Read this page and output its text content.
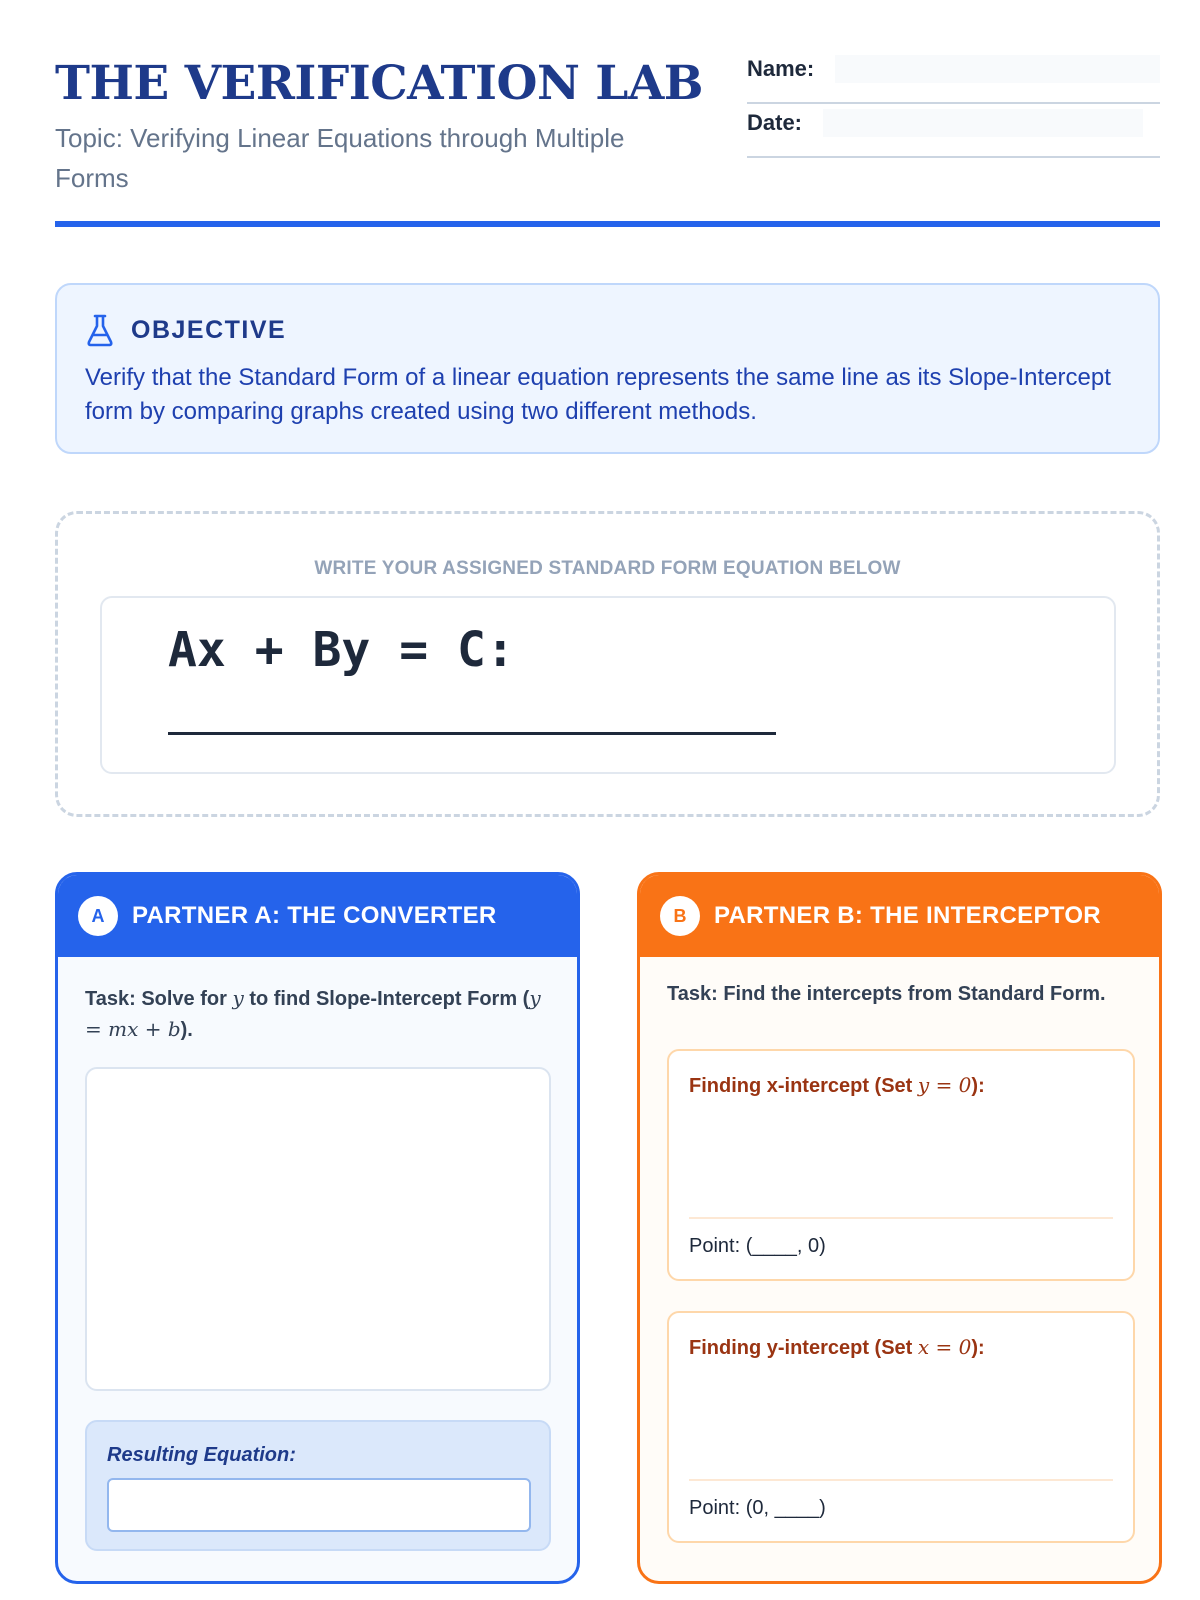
THE VERIFICATION LAB
Topic: Verifying Linear Equations through Multiple Forms
Name:
Date:
OBJECTIVE
Verify that the Standard Form of a linear equation represents the same line as its Slope-Intercept form by comparing graphs created using two different methods.
WRITE YOUR ASSIGNED STANDARD FORM EQUATION BELOW
Ax + By = C:
A	PARTNER A: THE CONVERTER
Task: Solve for y to find Slope-Intercept Form (y = mx + b).
Resulting Equation:
B	PARTNER B: THE INTERCEPTOR
Task: Find the intercepts from Standard Form.
Finding x-intercept (Set y = 0):
Point: (____, 0)
Finding y-intercept (Set x = 0):
Point: (0, ____)
